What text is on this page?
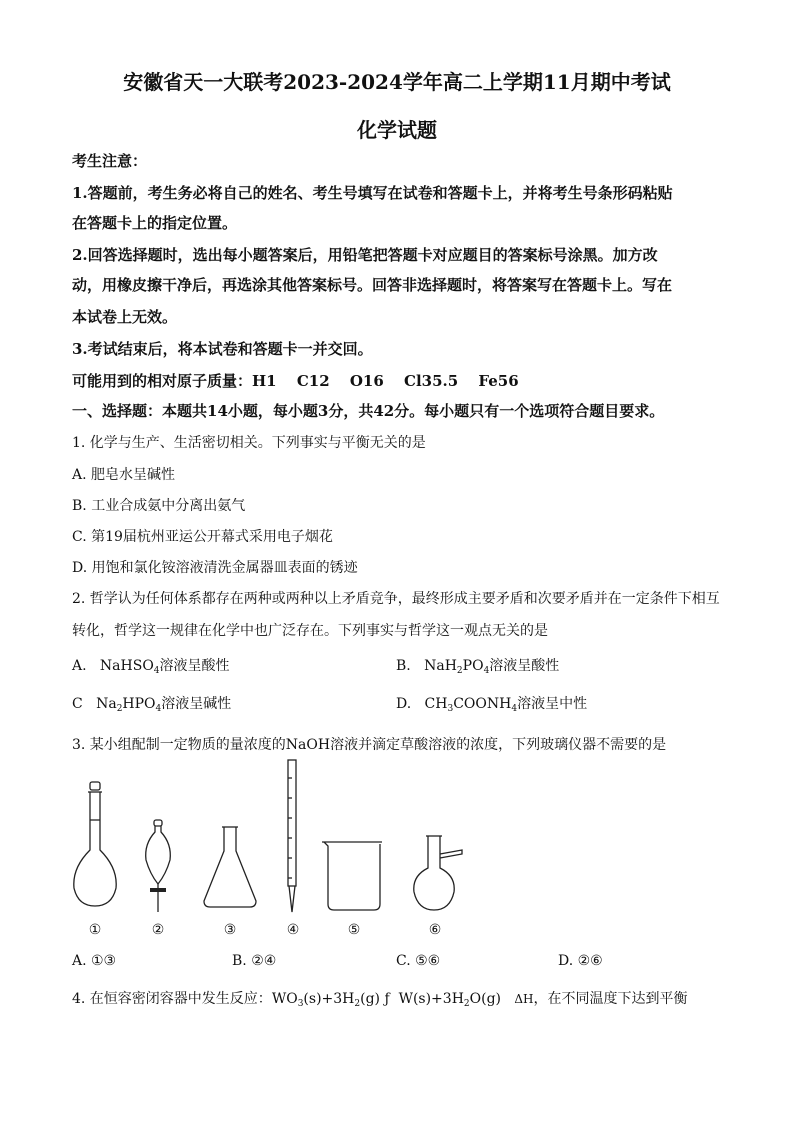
安徽省天一大联考2023-2024学年高二上学期11月期中考试
化学试题
考生注意：
1.答题前，考生务必将自己的姓名、考生号填写在试卷和答题卡上，并将考生号条形码粘贴
在答题卡上的指定位置。
2.回答选择题时，选出每小题答案后，用铅笔把答题卡对应题目的答案标号涂黑。加方改
动，用橡皮擦干净后，再选涂其他答案标号。回答非选择题时，将答案写在答题卡上。写在
本试卷上无效。
3.考试结束后，将本试卷和答题卡一并交回。
可能用到的相对原子质量：H1　 C12　 O16　 Cl35.5　 Fe56
一、选择题：本题共14小题，每小题3分，共42分。每小题只有一个选项符合题目要求。
1. 化学与生产、生活密切相关。下列事实与平衡无关的是
A. 肥皂水呈碱性
B. 工业合成氨中分离出氨气
C. 第19届杭州亚运公开幕式采用电子烟花
D. 用饱和氯化铵溶液清洗金属器皿表面的锈迹
2. 哲学认为任何体系都存在两种或两种以上矛盾竞争，最终形成主要矛盾和次要矛盾并在一定条件下相互
转化，哲学这一规律在化学中也广泛存在。下列事实与哲学这一观点无关的是
A. NaHSO$_4$溶液呈酸性	B. $NaH_2PO_4$溶液呈酸性
C $Na_2HPO_4$溶液呈碱性	D. $CH_3COONH_4$溶液呈中性
3. 某小组配制一定物质的量浓度的NaOH溶液并滴定草酸溶液的浓度，下列玻璃仪器不需要的是
①	②	③	④	⑤	⑥
A. ①③	B. ②④	C. ⑤⑥	D. ②⑥
4. 在恒容密闭容器中发生反应：$WO_3(s)+3H_2(g)$ ƒ $W(s)+3H_2O(g)$ ΔH，在不同温度下达到平衡
